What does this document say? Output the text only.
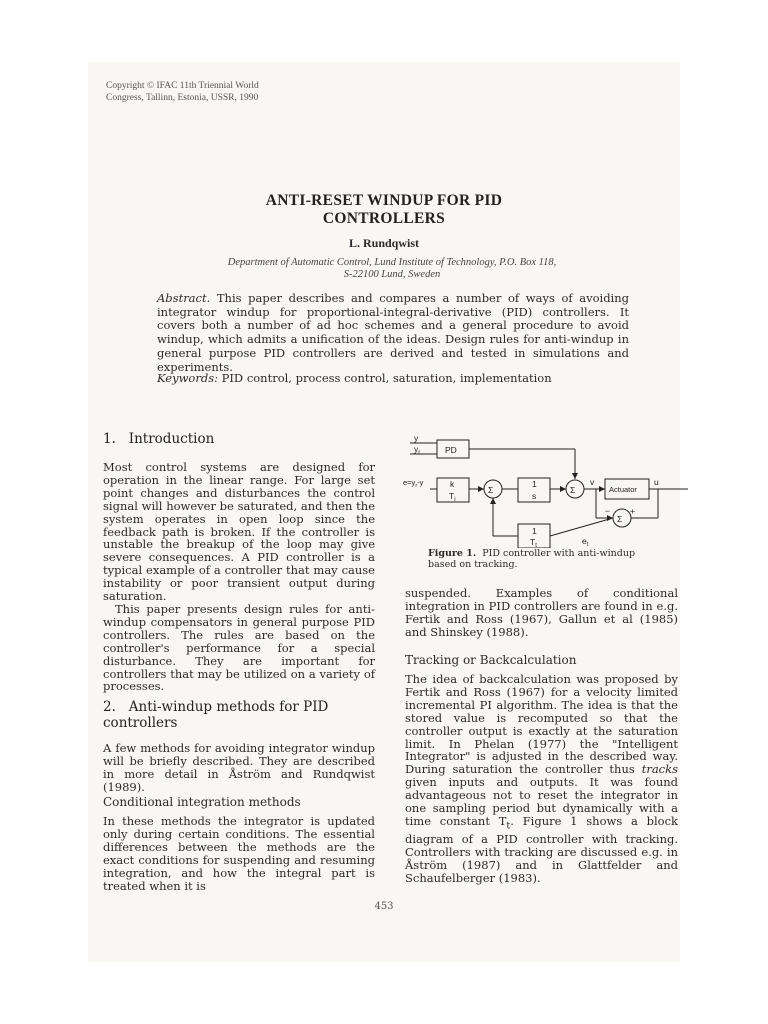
Copyright © IFAC 11th Triennial World
Congress, Tallinn, Estonia, USSR, 1990
ANTI-RESET WINDUP FOR PID
CONTROLLERS
L. Rundqwist
Department of Automatic Control, Lund Institute of Technology, P.O. Box 118,
S-22100 Lund, Sweden
Abstract. This paper describes and compares a number of ways of avoiding integrator windup for proportional-integral-derivative (PID) controllers. It covers both a number of ad hoc schemes and a general procedure to avoid windup, which admits a unification of the ideas. Design rules for anti-windup in general purpose PID controllers are derived and tested in simulations and experiments.
Keywords: PID control, process control, saturation, implementation
1. Introduction

Most control systems are designed for operation in the linear range. For large set point changes and disturbances the control signal will however be saturated, and then the system operates in open loop since the feedback path is broken. If the controller is unstable the breakup of the loop may give severe consequences. A PID controller is a typical example of a controller that may cause instability or poor transient output during saturation.

This paper presents design rules for anti-windup compensators in general purpose PID controllers. The rules are based on the controller's performance for a special disturbance. They are important for controllers that may be utilized on a variety of processes.

2. Anti-windup methods for PID
controllers

A few methods for avoiding integrator windup will be briefly described. They are described in more detail in Åström and Rundqwist (1989).

Conditional integration methods

In these methods the integrator is updated only during certain conditions. The essential differences between the methods are the exact conditions for suspending and resuming integration, and how the integral part is treated when it is

y
$y_r$	PD
$e=y_r-y$	k
$T_i$
Σ
1
s
Σ
v
Actuator
u
Σ
− +
1
$T_t$	$e_t$
Figure 1. PID controller with anti-windup
based on tracking.

suspended. Examples of conditional integration in PID controllers are found in e.g. Fertik and Ross (1967), Gallun et al (1985) and Shinskey (1988).

Tracking or Backcalculation

The idea of backcalculation was proposed by Fertik and Ross (1967) for a velocity limited incremental PI algorithm. The idea is that the stored value is recomputed so that the controller output is exactly at the saturation limit. In Phelan (1977) the "Intelligent Integrator" is adjusted in the described way. During saturation the controller thus tracks given inputs and outputs. It was found advantageous not to reset the integrator in one sampling period but dynamically with a time constant $T_t$. Figure 1 shows a block diagram of a PID controller with tracking. Controllers with tracking are discussed e.g. in Åström (1987) and in Glattfelder and Schaufelberger (1983).

453
